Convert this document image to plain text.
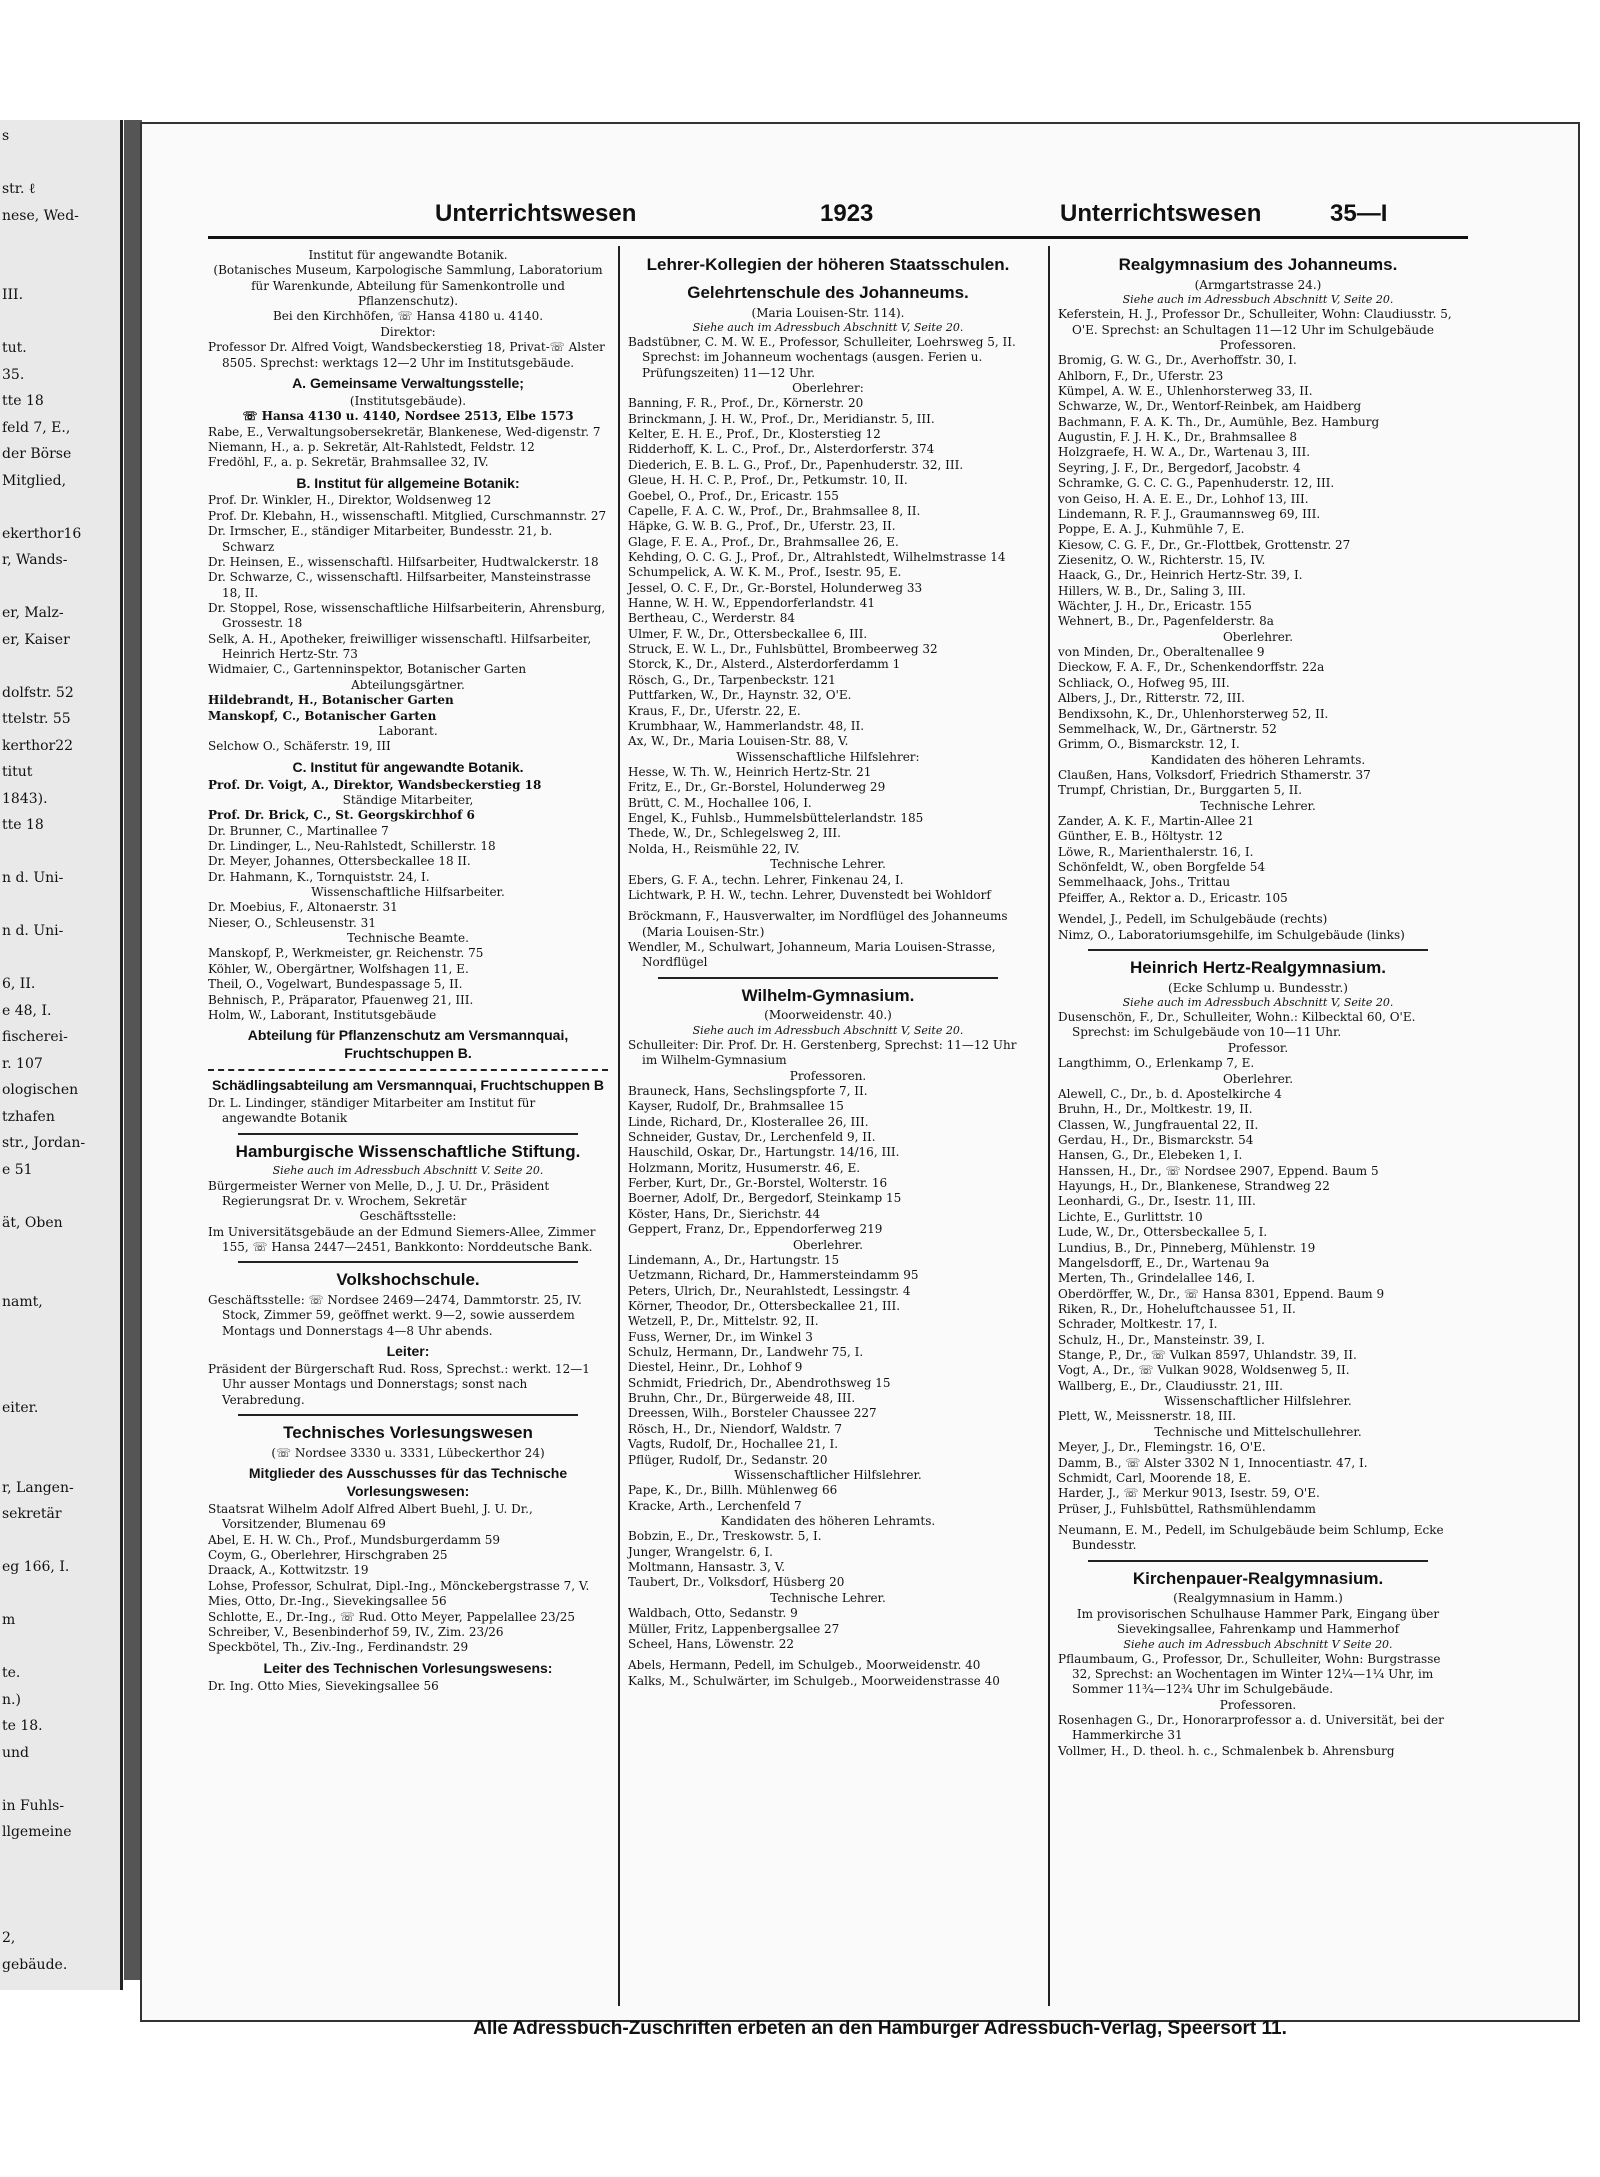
s
str. ℓ
nese, Wed-
III.
tut.
35.
tte 18
feld 7, E.,
der Börse
Mitglied,
ekerthor16
r, Wands-
er, Malz-
er, Kaiser
dolfstr. 52
ttelstr. 55
kerthor22
titut
1843).
tte 18
n d. Uni-
n d. Uni-
6, II.
e 48, I.
fischerei-
r. 107
ologischen
tzhafen
str., Jordan-
e 51
ät, Oben
namt,
eiter.
r, Langen-
sekretär
eg 166, I.
m
te.
n.)
te 18.
und
in Fuhls-
llgemeine
2,
gebäude.
Unterrichtswesen	1923	Unterrichtswesen	35—I
Institut für angewandte Botanik.
(Botanisches Museum, Karpologische Sammlung, Laboratorium für Warenkunde, Abteilung für Samenkontrolle und Pflanzenschutz).
Bei den Kirchhöfen, ☏ Hansa 4180 u. 4140.
Direktor:
Professor Dr. Alfred Voigt, Wandsbeckerstieg 18, Privat-☏ Alster 8505. Sprechst: werktags 12—2 Uhr im Institutsgebäude.
A. Gemeinsame Verwaltungsstelle;
(Institutsgebäude).
☏ Hansa 4130 u. 4140, Nordsee 2513, Elbe 1573
Rabe, E., Verwaltungsobersekretär, Blankenese, Wed-digenstr. 7
Niemann, H., a. p. Sekretär, Alt-Rahlstedt, Feldstr. 12
Fredöhl, F., a. p. Sekretär, Brahmsallee 32, IV.
B. Institut für allgemeine Botanik:
Prof. Dr. Winkler, H., Direktor, Woldsenweg 12
Prof. Dr. Klebahn, H., wissenschaftl. Mitglied, Curschmannstr. 27
Dr. Irmscher, E., ständiger Mitarbeiter, Bundesstr. 21, b. Schwarz
Dr. Heinsen, E., wissenschaftl. Hilfsarbeiter, Hudtwalckerstr. 18
Dr. Schwarze, C., wissenschaftl. Hilfsarbeiter, Mansteinstrasse 18, II.
Dr. Stoppel, Rose, wissenschaftliche Hilfsarbeiterin, Ahrensburg, Grossestr. 18
Selk, A. H., Apotheker, freiwilliger wissenschaftl. Hilfsarbeiter, Heinrich Hertz-Str. 73
Widmaier, C., Gartenninspektor, Botanischer Garten
Abteilungsgärtner.
Hildebrandt, H., Botanischer Garten
Manskopf, C., Botanischer Garten
Laborant.
Selchow O., Schäferstr. 19, III
C. Institut für angewandte Botanik.
Prof. Dr. Voigt, A., Direktor, Wandsbeckerstieg 18
Ständige Mitarbeiter,
Prof. Dr. Brick, C., St. Georgskirchhof 6
Dr. Brunner, C., Martinallee 7
Dr. Lindinger, L., Neu-Rahlstedt, Schillerstr. 18
Dr. Meyer, Johannes, Ottersbeckallee 18 II.
Dr. Hahmann, K., Tornquiststr. 24, I.
Wissenschaftliche Hilfsarbeiter.
Dr. Moebius, F., Altonaerstr. 31
Nieser, O., Schleusenstr. 31
Technische Beamte.
Manskopf, P., Werkmeister, gr. Reichenstr. 75
Köhler, W., Obergärtner, Wolfshagen 11, E.
Theil, O., Vogelwart, Bundespassage 5, II.
Behnisch, P., Präparator, Pfauenweg 21, III.
Holm, W., Laborant, Institutsgebäude
Abteilung für Pflanzenschutz am Versmannquai, Fruchtschuppen B.
Schädlingsabteilung am Versmannquai, Fruchtschuppen B
Dr. L. Lindinger, ständiger Mitarbeiter am Institut für angewandte Botanik
Hamburgische Wissenschaftliche Stiftung.
Siehe auch im Adressbuch Abschnitt V. Seite 20.
Bürgermeister Werner von Melle, D., J. U. Dr., Präsident Regierungsrat Dr. v. Wrochem, Sekretär
Geschäftsstelle:
Im Universitätsgebäude an der Edmund Siemers-Allee, Zimmer 155, ☏ Hansa 2447—2451, Bankkonto: Norddeutsche Bank.
Volkshochschule.
Geschäftsstelle: ☏ Nordsee 2469—2474, Dammtorstr. 25, IV. Stock, Zimmer 59, geöffnet werkt. 9—2, sowie ausserdem Montags und Donnerstags 4—8 Uhr abends.
Leiter:
Präsident der Bürgerschaft Rud. Ross, Sprechst.: werkt. 12—1 Uhr ausser Montags und Donnerstags; sonst nach Verabredung.
Technisches Vorlesungswesen
(☏ Nordsee 3330 u. 3331, Lübeckerthor 24)
Mitglieder des Ausschusses für das Technische Vorlesungswesen:
Staatsrat Wilhelm Adolf Alfred Albert Buehl, J. U. Dr., Vorsitzender, Blumenau 69
Abel, E. H. W. Ch., Prof., Mundsburgerdamm 59
Coym, G., Oberlehrer, Hirschgraben 25
Draack, A., Kottwitzstr. 19
Lohse, Professor, Schulrat, Dipl.-Ing., Mönckebergstrasse 7, V.
Mies, Otto, Dr.-Ing., Sievekingsallee 56
Schlotte, E., Dr.-Ing., ☏ Rud. Otto Meyer, Pappelallee 23/25
Schreiber, V., Besenbinderhof 59, IV., Zim. 23/26
Speckbötel, Th., Ziv.-Ing., Ferdinandstr. 29
Leiter des Technischen Vorlesungswesens:
Dr. Ing. Otto Mies, Sievekingsallee 56
Lehrer-Kollegien der höheren Staatsschulen.
Gelehrtenschule des Johanneums.
(Maria Louisen-Str. 114).
Siehe auch im Adressbuch Abschnitt V, Seite 20.
Badstübner, C. M. W. E., Professor, Schulleiter, Loehrsweg 5, II. Sprechst: im Johanneum wochentags (ausgen. Ferien u. Prüfungszeiten) 11—12 Uhr.
Oberlehrer:
Banning, F. R., Prof., Dr., Körnerstr. 20
Brinckmann, J. H. W., Prof., Dr., Meridianstr. 5, III.
Kelter, E. H. E., Prof., Dr., Klosterstieg 12
Ridderhoff, K. L. C., Prof., Dr., Alsterdorferstr. 374
Diederich, E. B. L. G., Prof., Dr., Papenhuderstr. 32, III.
Gleue, H. H. C. P., Prof., Dr., Petkumstr. 10, II.
Goebel, O., Prof., Dr., Ericastr. 155
Capelle, F. A. C. W., Prof., Dr., Brahmsallee 8, II.
Häpke, G. W. B. G., Prof., Dr., Uferstr. 23, II.
Glage, F. E. A., Prof., Dr., Brahmsallee 26, E.
Kehding, O. C. G. J., Prof., Dr., Altrahlstedt, Wilhelmstrasse 14
Schumpelick, A. W. K. M., Prof., Isestr. 95, E.
Jessel, O. C. F., Dr., Gr.-Borstel, Holunderweg 33
Hanne, W. H. W., Eppendorferlandstr. 41
Bertheau, C., Werderstr. 84
Ulmer, F. W., Dr., Ottersbeckallee 6, III.
Struck, E. W. L., Dr., Fuhlsbüttel, Brombeerweg 32
Storck, K., Dr., Alsterd., Alsterdorferdamm 1
Rösch, G., Dr., Tarpenbeckstr. 121
Puttfarken, W., Dr., Haynstr. 32, O'E.
Kraus, F., Dr., Uferstr. 22, E.
Krumbhaar, W., Hammerlandstr. 48, II.
Ax, W., Dr., Maria Louisen-Str. 88, V.
Wissenschaftliche Hilfslehrer:
Hesse, W. Th. W., Heinrich Hertz-Str. 21
Fritz, E., Dr., Gr.-Borstel, Holunderweg 29
Brütt, C. M., Hochallee 106, I.
Engel, K., Fuhlsb., Hummelsbüttelerlandstr. 185
Thede, W., Dr., Schlegelsweg 2, III.
Nolda, H., Reismühle 22, IV.
Technische Lehrer.
Ebers, G. F. A., techn. Lehrer, Finkenau 24, I.
Lichtwark, P. H. W., techn. Lehrer, Duvenstedt bei Wohldorf
Bröckmann, F., Hausverwalter, im Nordflügel des Johanneums (Maria Louisen-Str.)
Wendler, M., Schulwart, Johanneum, Maria Louisen-Strasse, Nordflügel
Wilhelm-Gymnasium.
(Moorweidenstr. 40.)
Siehe auch im Adressbuch Abschnitt V, Seite 20.
Schulleiter: Dir. Prof. Dr. H. Gerstenberg, Sprechst: 11—12 Uhr im Wilhelm-Gymnasium
Professoren.
Brauneck, Hans, Sechslingspforte 7, II.
Kayser, Rudolf, Dr., Brahmsallee 15
Linde, Richard, Dr., Klosterallee 26, III.
Schneider, Gustav, Dr., Lerchenfeld 9, II.
Hauschild, Oskar, Dr., Hartungstr. 14/16, III.
Holzmann, Moritz, Husumerstr. 46, E.
Ferber, Kurt, Dr., Gr.-Borstel, Wolterstr. 16
Boerner, Adolf, Dr., Bergedorf, Steinkamp 15
Köster, Hans, Dr., Sierichstr. 44
Geppert, Franz, Dr., Eppendorferweg 219
Oberlehrer.
Lindemann, A., Dr., Hartungstr. 15
Uetzmann, Richard, Dr., Hammersteindamm 95
Peters, Ulrich, Dr., Neurahlstedt, Lessingstr. 4
Körner, Theodor, Dr., Ottersbeckallee 21, III.
Wetzell, P., Dr., Mittelstr. 92, II.
Fuss, Werner, Dr., im Winkel 3
Schulz, Hermann, Dr., Landwehr 75, I.
Diestel, Heinr., Dr., Lohhof 9
Schmidt, Friedrich, Dr., Abendrothsweg 15
Bruhn, Chr., Dr., Bürgerweide 48, III.
Dreessen, Wilh., Borsteler Chaussee 227
Rösch, H., Dr., Niendorf, Waldstr. 7
Vagts, Rudolf, Dr., Hochallee 21, I.
Pflüger, Rudolf, Dr., Sedanstr. 20
Wissenschaftlicher Hilfslehrer.
Pape, K., Dr., Billh. Mühlenweg 66
Kracke, Arth., Lerchenfeld 7
Kandidaten des höheren Lehramts.
Bobzin, E., Dr., Treskowstr. 5, I.
Junger, Wrangelstr. 6, I.
Moltmann, Hansastr. 3, V.
Taubert, Dr., Volksdorf, Hüsberg 20
Technische Lehrer.
Waldbach, Otto, Sedanstr. 9
Müller, Fritz, Lappenbergsallee 27
Scheel, Hans, Löwenstr. 22
Abels, Hermann, Pedell, im Schulgeb., Moorweidenstr. 40
Kalks, M., Schulwärter, im Schulgeb., Moorweidenstrasse 40
Realgymnasium des Johanneums.
(Armgartstrasse 24.)
Siehe auch im Adressbuch Abschnitt V, Seite 20.
Keferstein, H. J., Professor Dr., Schulleiter, Wohn: Claudiusstr. 5, O'E. Sprechst: an Schultagen 11—12 Uhr im Schulgebäude
Professoren.
Bromig, G. W. G., Dr., Averhoffstr. 30, I.
Ahlborn, F., Dr., Uferstr. 23
Kümpel, A. W. E., Uhlenhorsterweg 33, II.
Schwarze, W., Dr., Wentorf-Reinbek, am Haidberg
Bachmann, F. A. K. Th., Dr., Aumühle, Bez. Hamburg
Augustin, F. J. H. K., Dr., Brahmsallee 8
Holzgraefe, H. W. A., Dr., Wartenau 3, III.
Seyring, J. F., Dr., Bergedorf, Jacobstr. 4
Schramke, G. C. C. G., Papenhuderstr. 12, III.
von Geiso, H. A. E. E., Dr., Lohhof 13, III.
Lindemann, R. F. J., Graumannsweg 69, III.
Poppe, E. A. J., Kuhmühle 7, E.
Kiesow, C. G. F., Dr., Gr.-Flottbek, Grottenstr. 27
Ziesenitz, O. W., Richterstr. 15, IV.
Haack, G., Dr., Heinrich Hertz-Str. 39, I.
Hillers, W. B., Dr., Saling 3, III.
Wächter, J. H., Dr., Ericastr. 155
Wehnert, B., Dr., Pagenfelderstr. 8a
Oberlehrer.
von Minden, Dr., Oberaltenallee 9
Dieckow, F. A. F., Dr., Schenkendorffstr. 22a
Schliack, O., Hofweg 95, III.
Albers, J., Dr., Ritterstr. 72, III.
Bendixsohn, K., Dr., Uhlenhorsterweg 52, II.
Semmelhack, W., Dr., Gärtnerstr. 52
Grimm, O., Bismarckstr. 12, I.
Kandidaten des höheren Lehramts.
Claußen, Hans, Volksdorf, Friedrich Sthamerstr. 37
Trumpf, Christian, Dr., Burggarten 5, II.
Technische Lehrer.
Zander, A. K. F., Martin-Allee 21
Günther, E. B., Höltystr. 12
Löwe, R., Marienthalerstr. 16, I.
Schönfeldt, W., oben Borgfelde 54
Semmelhaack, Johs., Trittau
Pfeiffer, A., Rektor a. D., Ericastr. 105
Wendel, J., Pedell, im Schulgebäude (rechts)
Nimz, O., Laboratoriumsgehilfe, im Schulgebäude (links)
Heinrich Hertz-Realgymnasium.
(Ecke Schlump u. Bundesstr.)
Siehe auch im Adressbuch Abschnitt V, Seite 20.
Dusenschön, F., Dr., Schulleiter, Wohn.: Kilbecktal 60, O'E. Sprechst: im Schulgebäude von 10—11 Uhr.
Professor.
Langthimm, O., Erlenkamp 7, E.
Oberlehrer.
Alewell, C., Dr., b. d. Apostelkirche 4
Bruhn, H., Dr., Moltkestr. 19, II.
Classen, W., Jungfrauental 22, II.
Gerdau, H., Dr., Bismarckstr. 54
Hansen, G., Dr., Elebeken 1, I.
Hanssen, H., Dr., ☏ Nordsee 2907, Eppend. Baum 5
Hayungs, H., Dr., Blankenese, Strandweg 22
Leonhardi, G., Dr., Isestr. 11, III.
Lichte, E., Gurlittstr. 10
Lude, W., Dr., Ottersbeckallee 5, I.
Lundius, B., Dr., Pinneberg, Mühlenstr. 19
Mangelsdorff, E., Dr., Wartenau 9a
Merten, Th., Grindelallee 146, I.
Oberdörffer, W., Dr., ☏ Hansa 8301, Eppend. Baum 9
Riken, R., Dr., Hoheluftchaussee 51, II.
Schrader, Moltkestr. 17, I.
Schulz, H., Dr., Mansteinstr. 39, I.
Stange, P., Dr., ☏ Vulkan 8597, Uhlandstr. 39, II.
Vogt, A., Dr., ☏ Vulkan 9028, Woldsenweg 5, II.
Wallberg, E., Dr., Claudiusstr. 21, III.
Wissenschaftlicher Hilfslehrer.
Plett, W., Meissnerstr. 18, III.
Technische und Mittelschullehrer.
Meyer, J., Dr., Flemingstr. 16, O'E.
Damm, B., ☏ Alster 3302 N 1, Innocentiastr. 47, I.
Schmidt, Carl, Moorende 18, E.
Harder, J., ☏ Merkur 9013, Isestr. 59, O'E.
Prüser, J., Fuhlsbüttel, Rathsmühlendamm
Neumann, E. M., Pedell, im Schulgebäude beim Schlump, Ecke Bundesstr.
Kirchenpauer-Realgymnasium.
(Realgymnasium in Hamm.)
Im provisorischen Schulhause Hammer Park, Eingang über Sievekingsallee, Fahrenkamp und Hammerhof
Siehe auch im Adressbuch Abschnitt V Seite 20.
Pflaumbaum, G., Professor, Dr., Schulleiter, Wohn: Burgstrasse 32, Sprechst: an Wochentagen im Winter 12¼—1¼ Uhr, im Sommer 11¾—12¾ Uhr im Schulgebäude.
Professoren.
Rosenhagen G., Dr., Honorarprofessor a. d. Universität, bei der Hammerkirche 31
Vollmer, H., D. theol. h. c., Schmalenbek b. Ahrensburg
Alle Adressbuch-Zuschriften erbeten an den Hamburger Adressbuch-Verlag, Speersort 11.
